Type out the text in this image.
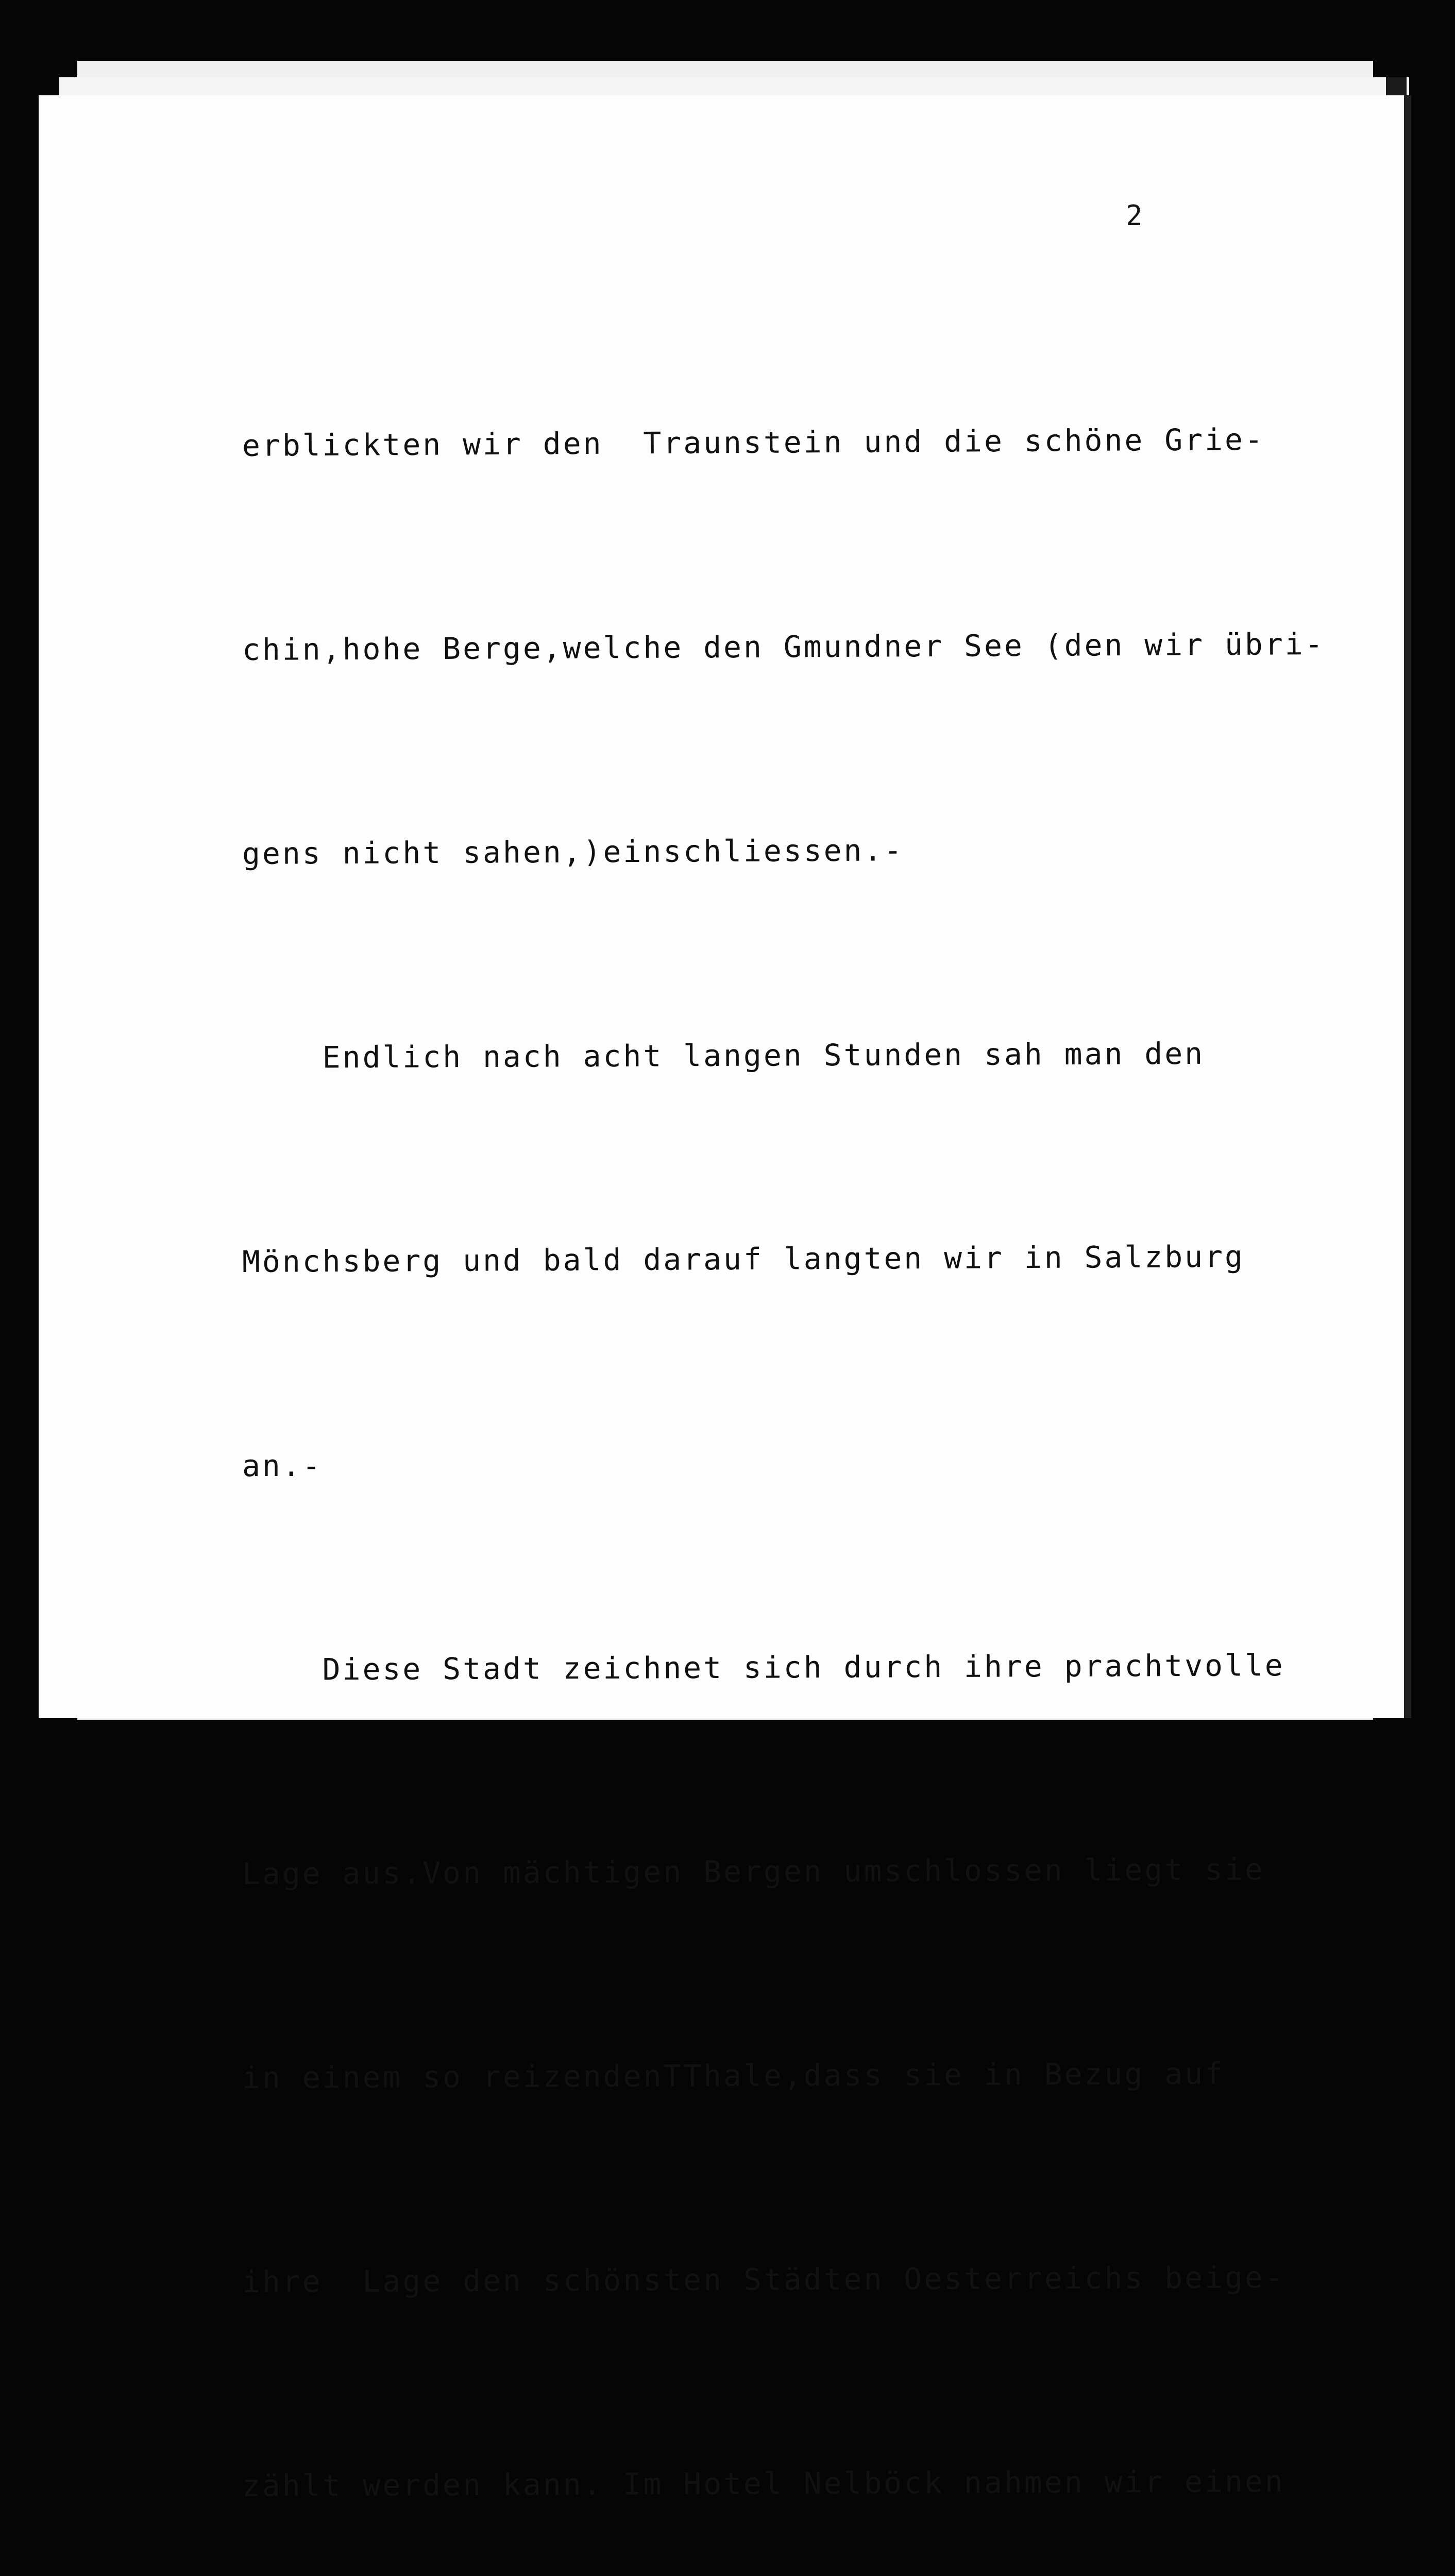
2

erblickten wir den  Traunstein und die schöne Grie-

chin,hohe Berge,welche den Gmundner See (den wir übri-

gens nicht sahen,)einschliessen.-

Endlich nach acht langen Stunden sah man den

Mönchsberg und bald darauf langten wir in Salzburg

an.-

Diese Stadt zeichnet sich durch ihre prachtvolle

Lage aus.Von mächtigen Bergen umschlossen liegt sie

in einem so reizendenTThale,dass sie in Bezug auf

ihre  Lage den schönsten Städten Oesterreichs beige-

zählt werden kann. Im Hotel Nelböck nahmen wir einen
